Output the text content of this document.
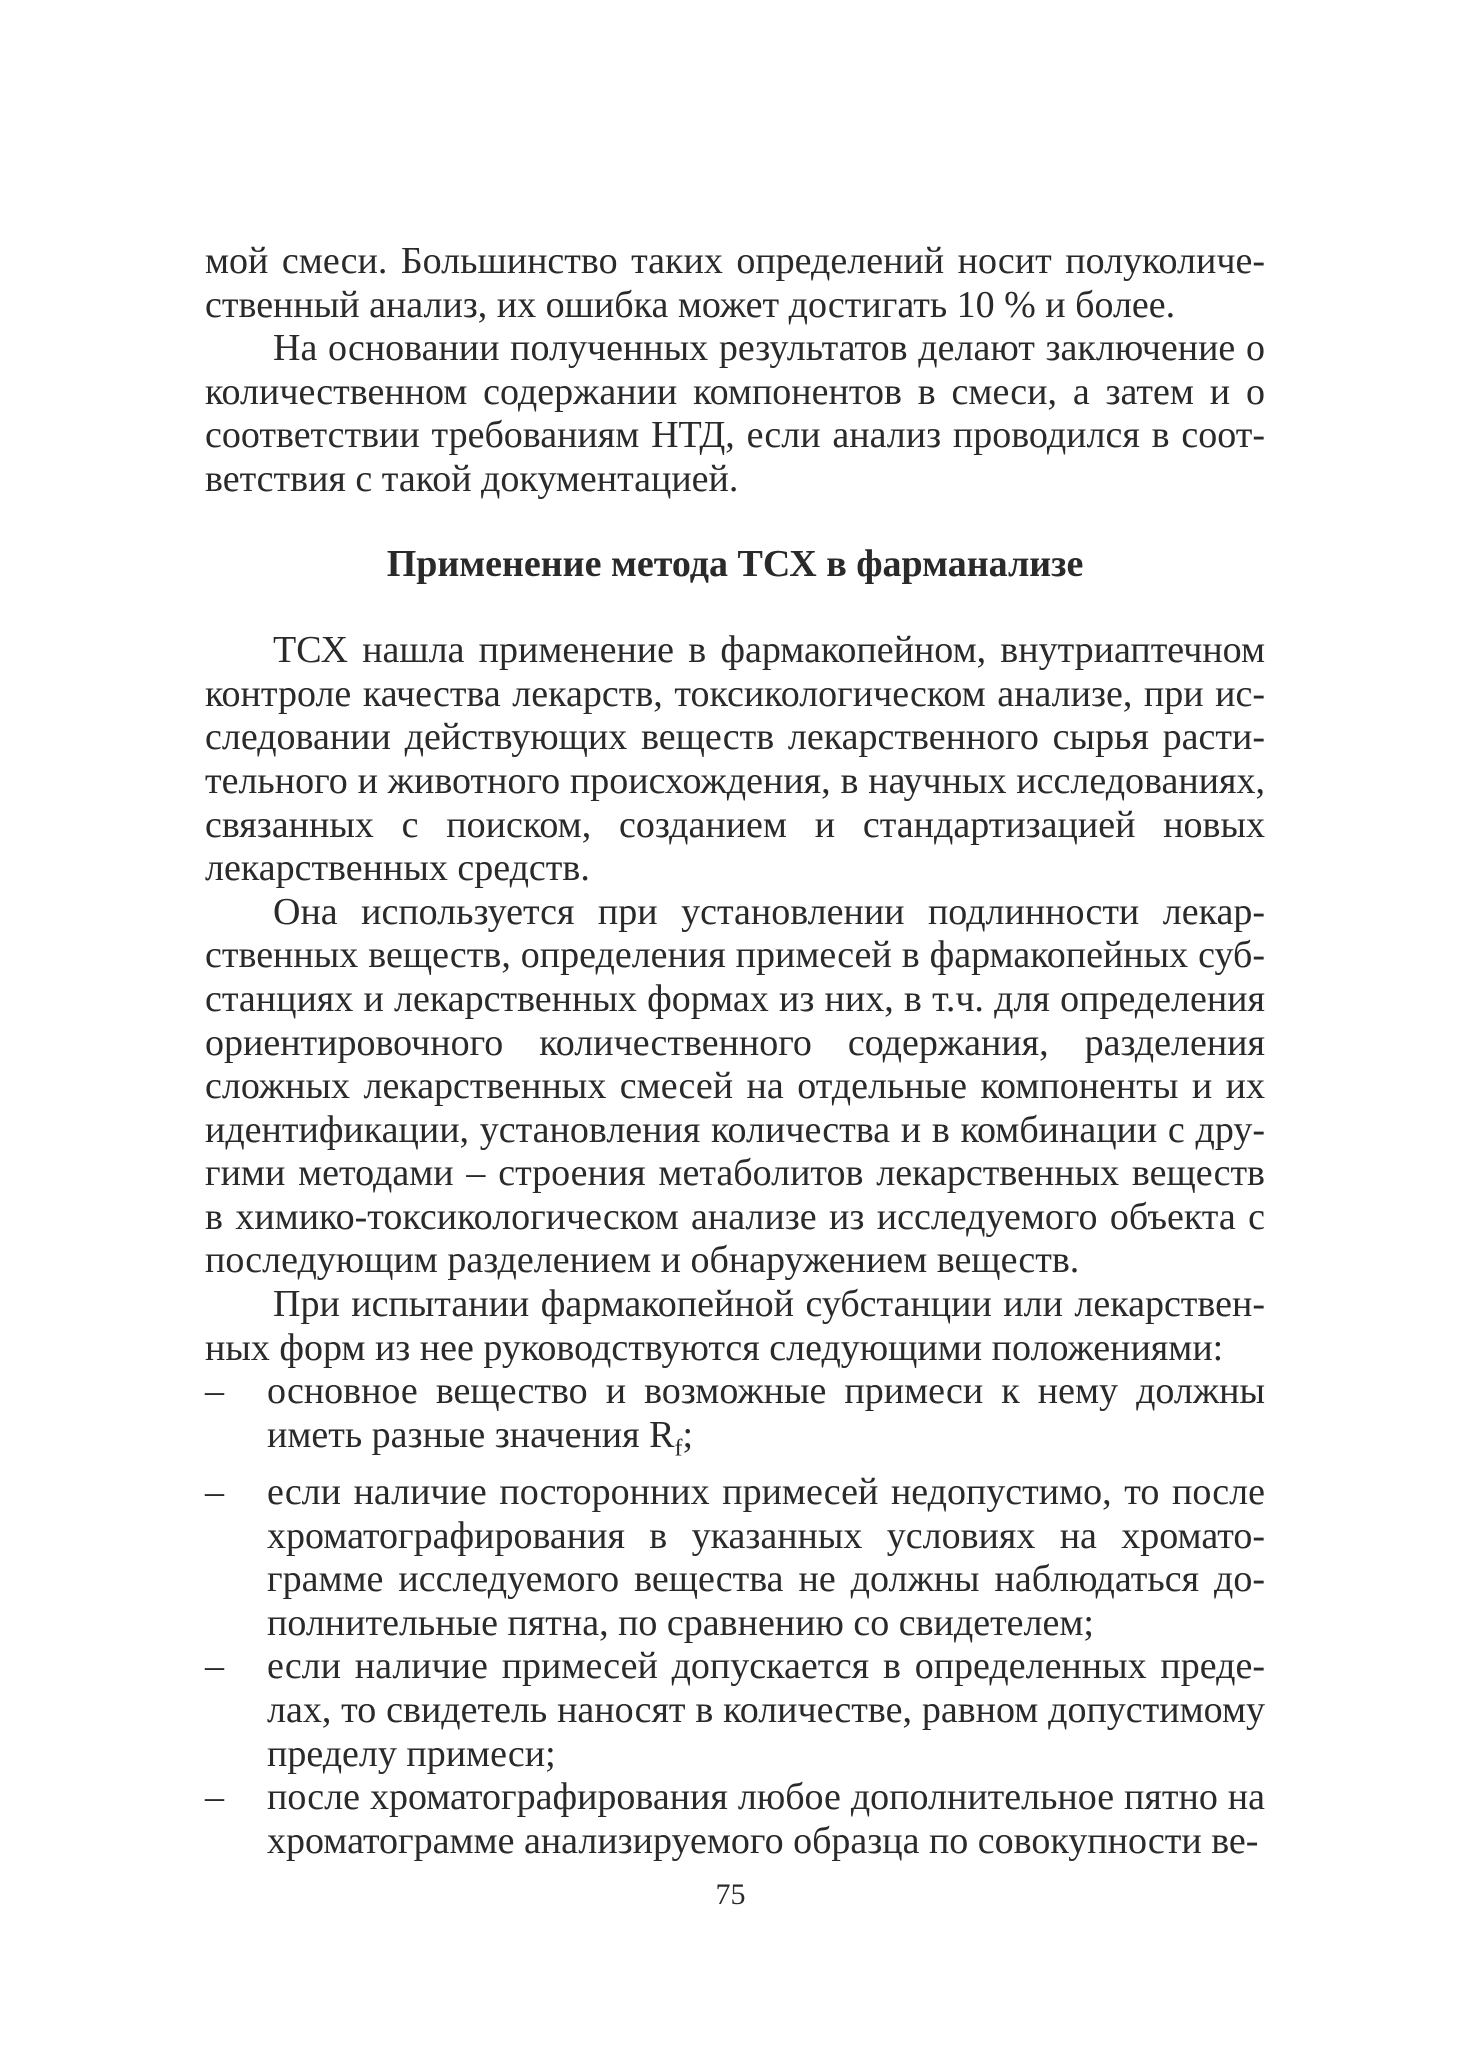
мой смеси. Большинство таких определений носит полуколичественный анализ, их ошибка может достигать 10 % и более.

На основании полученных результатов делают заключение о количественном содержании компонентов в смеси, а затем и о соответствии требованиям НТД, если анализ проводился в соответствия с такой документацией.

Применение метода ТСХ в фарманализе

ТСХ нашла применение в фармакопейном, внутриаптечном контроле качества лекарств, токсикологическом анализе, при исследовании действующих веществ лекарственного сырья растительного и животного происхождения, в научных исследованиях, связанных с поиском, созданием и стандартизацией новых лекарственных средств.

Она используется при установлении подлинности лекарственных веществ, определения примесей в фармакопейных субстанциях и лекарственных формах из них, в т.ч. для определения ориентировочного количественного содержания, разделения сложных лекарственных смесей на отдельные компоненты и их идентификации, установления количества и в комбинации с другими методами – строения метаболитов лекарственных веществ в химико-токсикологическом анализе из исследуемого объекта с последующим разделением и обнаружением веществ.

При испытании фармакопейной субстанции или лекарственных форм из нее руководствуются следующими положениями:

– основное вещество и возможные примеси к нему должны иметь разные значения $R_f$;
– если наличие посторонних примесей недопустимо, то после хроматографирования в указанных условиях на хроматограмме исследуемого вещества не должны наблюдаться дополнительные пятна, по сравнению со свидетелем;
– если наличие примесей допускается в определенных пределах, то свидетель наносят в количестве, равном допустимому пределу примеси;
– после хроматографирования любое дополнительное пятно на хроматограмме анализируемого образца по совокупности ве-
75
